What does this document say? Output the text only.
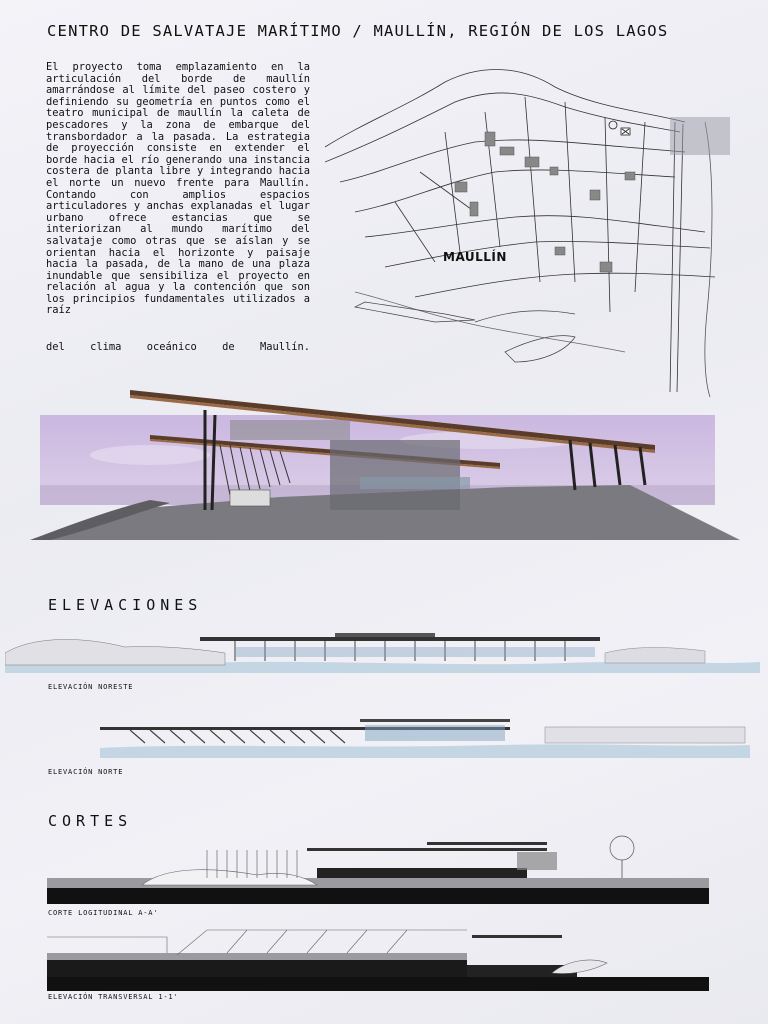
CENTRO DE SALVATAJE MARÍTIMO / MAULLÍN, REGIÓN DE LOS LAGOS

El proyecto toma emplazamiento en la articulación del borde de maullín amarrándose al límite del paseo costero y definiendo su geometría en puntos como el teatro municipal de maullín la caleta de pescadores y la zona de embarque del transbordador a la pasada. La estrategia de proyección consiste en extender el borde hacia el río generando una instancia costera de planta libre y integrando hacia el norte un nuevo frente para Maullín. Contando con amplios espacios articuladores y anchas explanadas el lugar urbano ofrece estancias que se interiorizan al mundo marítimo del salvataje como otras que se aíslan y se orientan hacia el horizonte y paisaje hacia la pasada, de la mano de una plaza inundable que sensibiliza el proyecto en relación al agua y la contención que son los principios fundamentales utilizados a raíz

del clima oceánico de Maullín.
MAULLÍN
ELEVACIONES
ELEVACIÓN NORESTE
ELEVACIÓN NORTE
CORTES
CORTE LOGITUDINAL A-A'
ELEVACIÓN TRANSVERSAL 1-1'
